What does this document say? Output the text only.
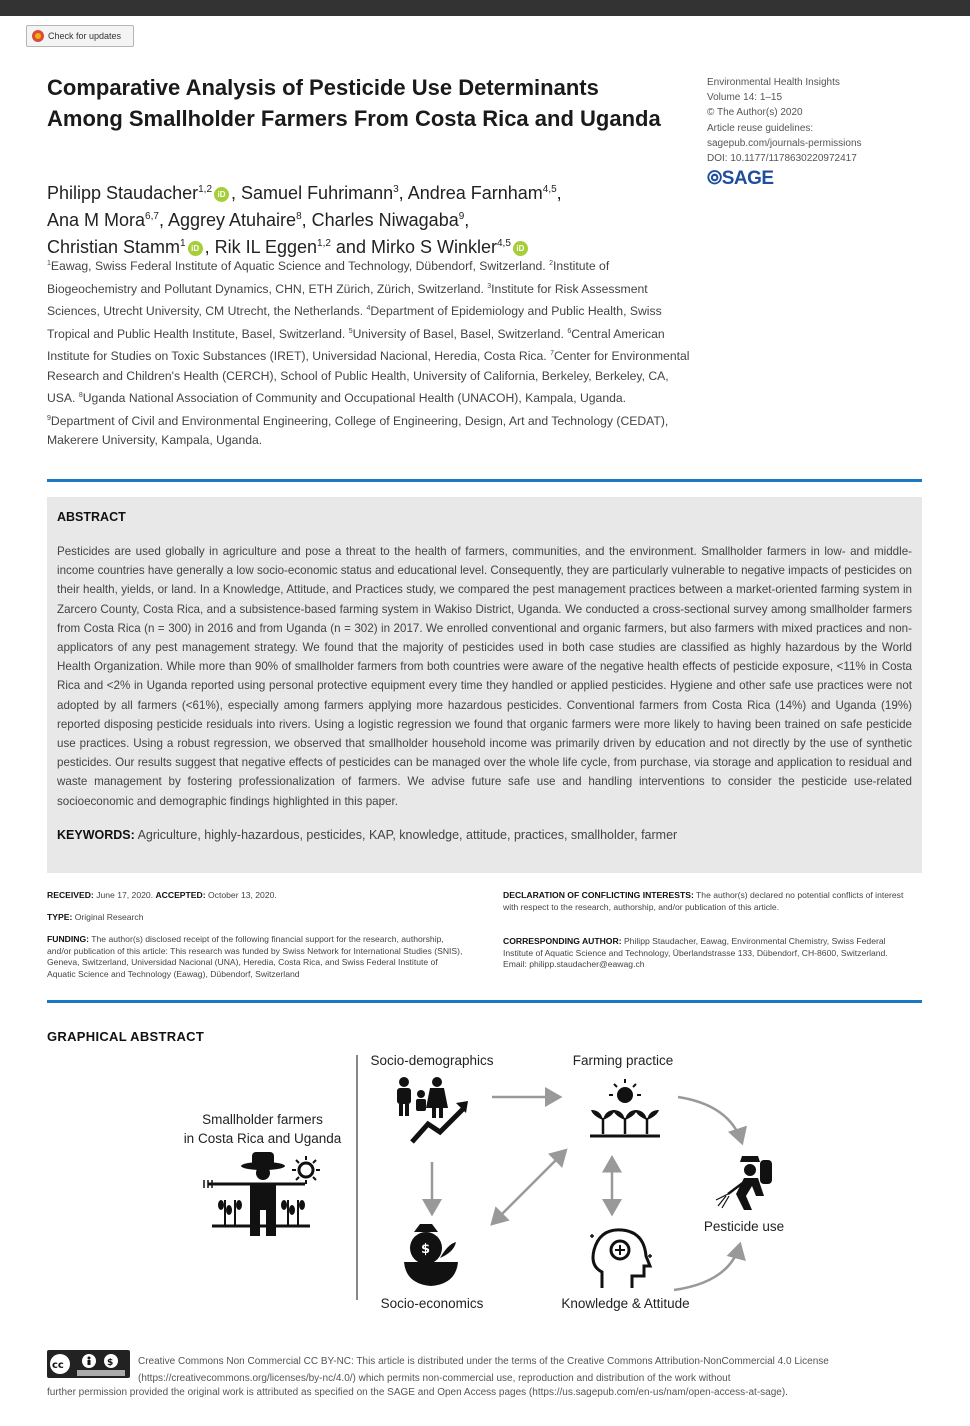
Check for updates
Comparative Analysis of Pesticide Use Determinants Among Smallholder Farmers From Costa Rica and Uganda
Philipp Staudacher$^{1,2}$ iD , Samuel Fuhrimann$^3$, Andrea Farnham$^{4,5}$,
Ana M Mora$^{6,7}$, Aggrey Atuhaire$^8$, Charles Niwagaba$^9$,
Christian Stamm$^1$ iD , Rik IL Eggen$^{1,2}$ and Mirko S Winkler$^{4,5}$ iD
$^1$Eawag, Swiss Federal Institute of Aquatic Science and Technology, Dübendorf, Switzerland. $^2$Institute of Biogeochemistry and Pollutant Dynamics, CHN, ETH Zürich, Zürich, Switzerland. $^3$Institute for Risk Assessment Sciences, Utrecht University, CM Utrecht, the Netherlands. $^4$Department of Epidemiology and Public Health, Swiss Tropical and Public Health Institute, Basel, Switzerland. $^5$University of Basel, Basel, Switzerland. $^6$Central American Institute for Studies on Toxic Substances (IRET), Universidad Nacional, Heredia, Costa Rica. $^7$Center for Environmental Research and Children's Health (CERCH), School of Public Health, University of California, Berkeley, Berkeley, CA, USA. $^8$Uganda National Association of Community and Occupational Health (UNACOH), Kampala, Uganda. $^9$Department of Civil and Environmental Engineering, College of Engineering, Design, Art and Technology (CEDAT), Makerere University, Kampala, Uganda.
Environmental Health Insights
Volume 14: 1–15
© The Author(s) 2020
Article reuse guidelines:
sagepub.com/journals-permissions
DOI: 10.1177/1178630220972417
⦾SAGE
ABSTRACT

Pesticides are used globally in agriculture and pose a threat to the health of farmers, communities, and the environment. Smallholder farmers in low- and middle-income countries have generally a low socio-economic status and educational level. Consequently, they are particularly vulnerable to negative impacts of pesticides on their health, yields, or land. In a Knowledge, Attitude, and Practices study, we compared the pest management practices between a market-oriented farming system in Zarcero County, Costa Rica, and a subsistence-based farming system in Wakiso District, Uganda. We conducted a cross-sectional survey among smallholder farmers from Costa Rica (n = 300) in 2016 and from Uganda (n = 302) in 2017. We enrolled conventional and organic farmers, but also farmers with mixed practices and non-applicators of any pest management strategy. We found that the majority of pesticides used in both case studies are classified as highly hazardous by the World Health Organization. While more than 90% of smallholder farmers from both countries were aware of the negative health effects of pesticide exposure, <11% in Costa Rica and <2% in Uganda reported using personal protective equipment every time they handled or applied pesticides. Hygiene and other safe use practices were not adopted by all farmers (<61%), especially among farmers applying more hazardous pesticides. Conventional farmers from Costa Rica (14%) and Uganda (19%) reported disposing pesticide residuals into rivers. Using a logistic regression we found that organic farmers were more likely to having been trained on safe pesticide use practices. Using a robust regression, we observed that smallholder household income was primarily driven by education and not directly by the use of synthetic pesticides. Our results suggest that negative effects of pesticides can be managed over the whole life cycle, from purchase, via storage and application to residual and waste management by fostering professionalization of farmers. We advise future safe use and handling interventions to consider the pesticide use-related socioeconomic and demographic findings highlighted in this paper.

KEYWORDS: Agriculture, highly-hazardous, pesticides, KAP, knowledge, attitude, practices, smallholder, farmer
RECEIVED: June 17, 2020. ACCEPTED: October 13, 2020.
TYPE: Original Research
FUNDING: The author(s) disclosed receipt of the following financial support for the research, authorship, and/or publication of this article: This research was funded by Swiss Network for International Studies (SNIS), Geneva, Switzerland, Universidad Nacional (UNA), Heredia, Costa Rica, and Swiss Federal Institute of Aquatic Science and Technology (Eawag), Dübendorf, Switzerland
DECLARATION OF CONFLICTING INTERESTS: The author(s) declared no potential conflicts of interest with respect to the research, authorship, and/or publication of this article.
CORRESPONDING AUTHOR: Philipp Staudacher, Eawag, Environmental Chemistry, Swiss Federal Institute of Aquatic Science and Technology, Überlandstrasse 133, Dübendorf, CH-8600, Switzerland. Email: philipp.staudacher@eawag.ch
GRAPHICAL ABSTRACT
Smallholder farmers
in Costa Rica and Uganda
Socio-demographics	Farming practice
Pesticide use
Socio-economics	Knowledge & Attitude
$
cc	$ Creative Commons Non Commercial CC BY-NC: This article is distributed under the terms of the Creative Commons Attribution-NonCommercial 4.0 License (https://creativecommons.org/licenses/by-nc/4.0/) which permits non-commercial use, reproduction and distribution of the work without
further permission provided the original work is attributed as specified on the SAGE and Open Access pages (https://us.sagepub.com/en-us/nam/open-access-at-sage).
